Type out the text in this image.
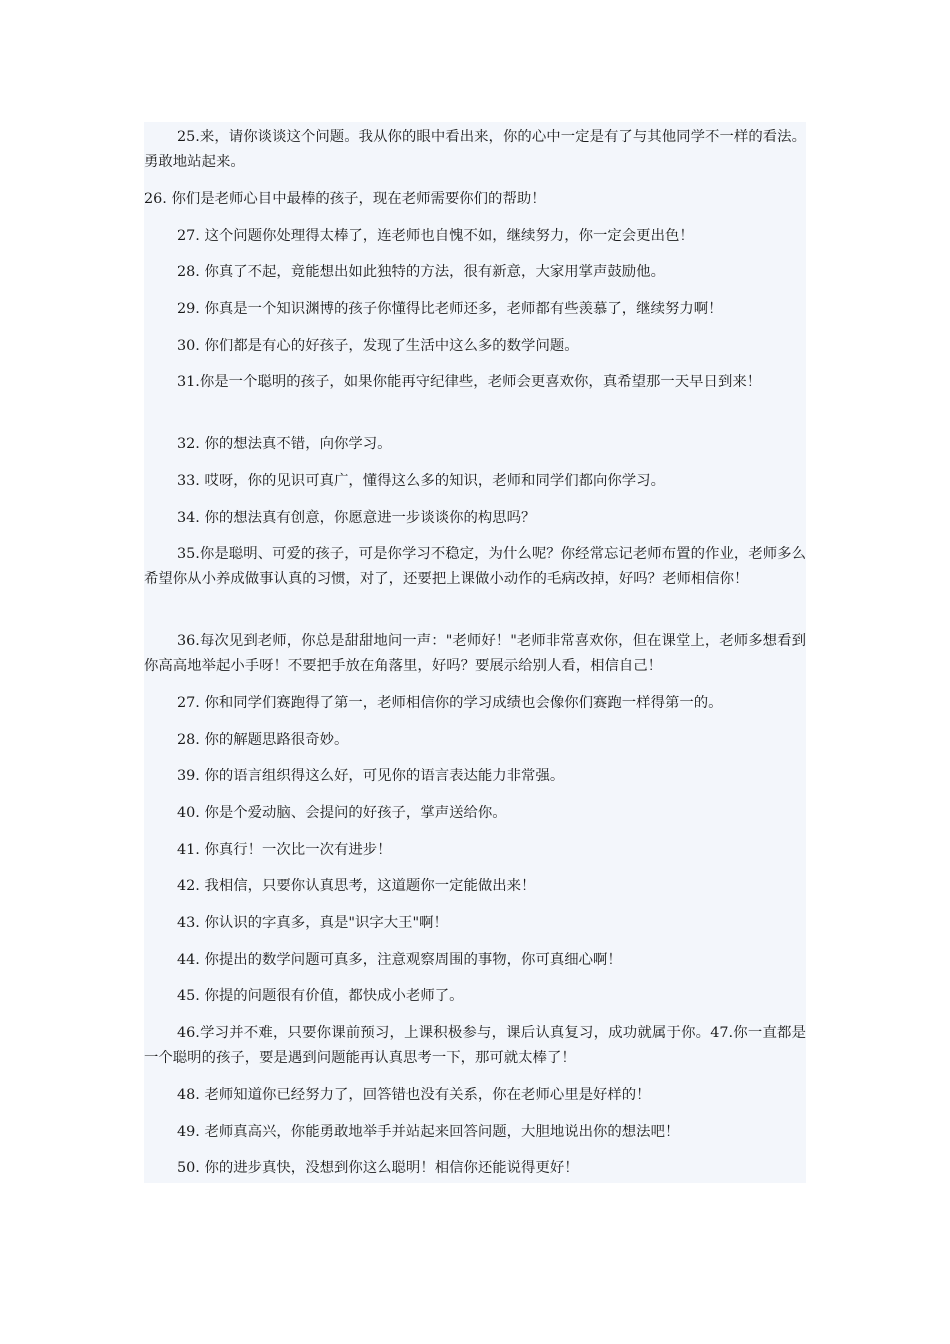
25.来，请你谈谈这个问题。我从你的眼中看出来，你的心中一定是有了与其他同学不一样的看法。勇敢地站起来。
26. 你们是老师心目中最棒的孩子，现在老师需要你们的帮助！
27. 这个问题你处理得太棒了，连老师也自愧不如，继续努力，你一定会更出色！
28. 你真了不起，竟能想出如此独特的方法，很有新意，大家用掌声鼓励他。
29. 你真是一个知识渊博的孩子你懂得比老师还多，老师都有些羡慕了，继续努力啊！
30. 你们都是有心的好孩子，发现了生活中这么多的数学问题。
31.你是一个聪明的孩子，如果你能再守纪律些，老师会更喜欢你，真希望那一天早日到来！
32. 你的想法真不错，向你学习。
33. 哎呀，你的见识可真广，懂得这么多的知识，老师和同学们都向你学习。
34. 你的想法真有创意，你愿意进一步谈谈你的构思吗？
35.你是聪明、可爱的孩子，可是你学习不稳定，为什么呢？你经常忘记老师布置的作业，老师多么希望你从小养成做事认真的习惯，对了，还要把上课做小动作的毛病改掉，好吗？老师相信你！
36.每次见到老师，你总是甜甜地问一声："老师好！"老师非常喜欢你，但在课堂上，老师多想看到你高高地举起小手呀！不要把手放在角落里，好吗？要展示给别人看，相信自己！
27. 你和同学们赛跑得了第一，老师相信你的学习成绩也会像你们赛跑一样得第一的。
28. 你的解题思路很奇妙。
39. 你的语言组织得这么好，可见你的语言表达能力非常强。
40. 你是个爱动脑、会提问的好孩子，掌声送给你。
41. 你真行！一次比一次有进步！
42. 我相信，只要你认真思考，这道题你一定能做出来！
43. 你认识的字真多，真是"识字大王"啊！
44. 你提出的数学问题可真多，注意观察周围的事物，你可真细心啊！
45. 你提的问题很有价值，都快成小老师了。
46.学习并不难，只要你课前预习，上课积极参与，课后认真复习，成功就属于你。47.你一直都是一个聪明的孩子，要是遇到问题能再认真思考一下，那可就太棒了！
48. 老师知道你已经努力了，回答错也没有关系，你在老师心里是好样的！
49. 老师真高兴，你能勇敢地举手并站起来回答问题，大胆地说出你的想法吧！
50. 你的进步真快，没想到你这么聪明！相信你还能说得更好！
